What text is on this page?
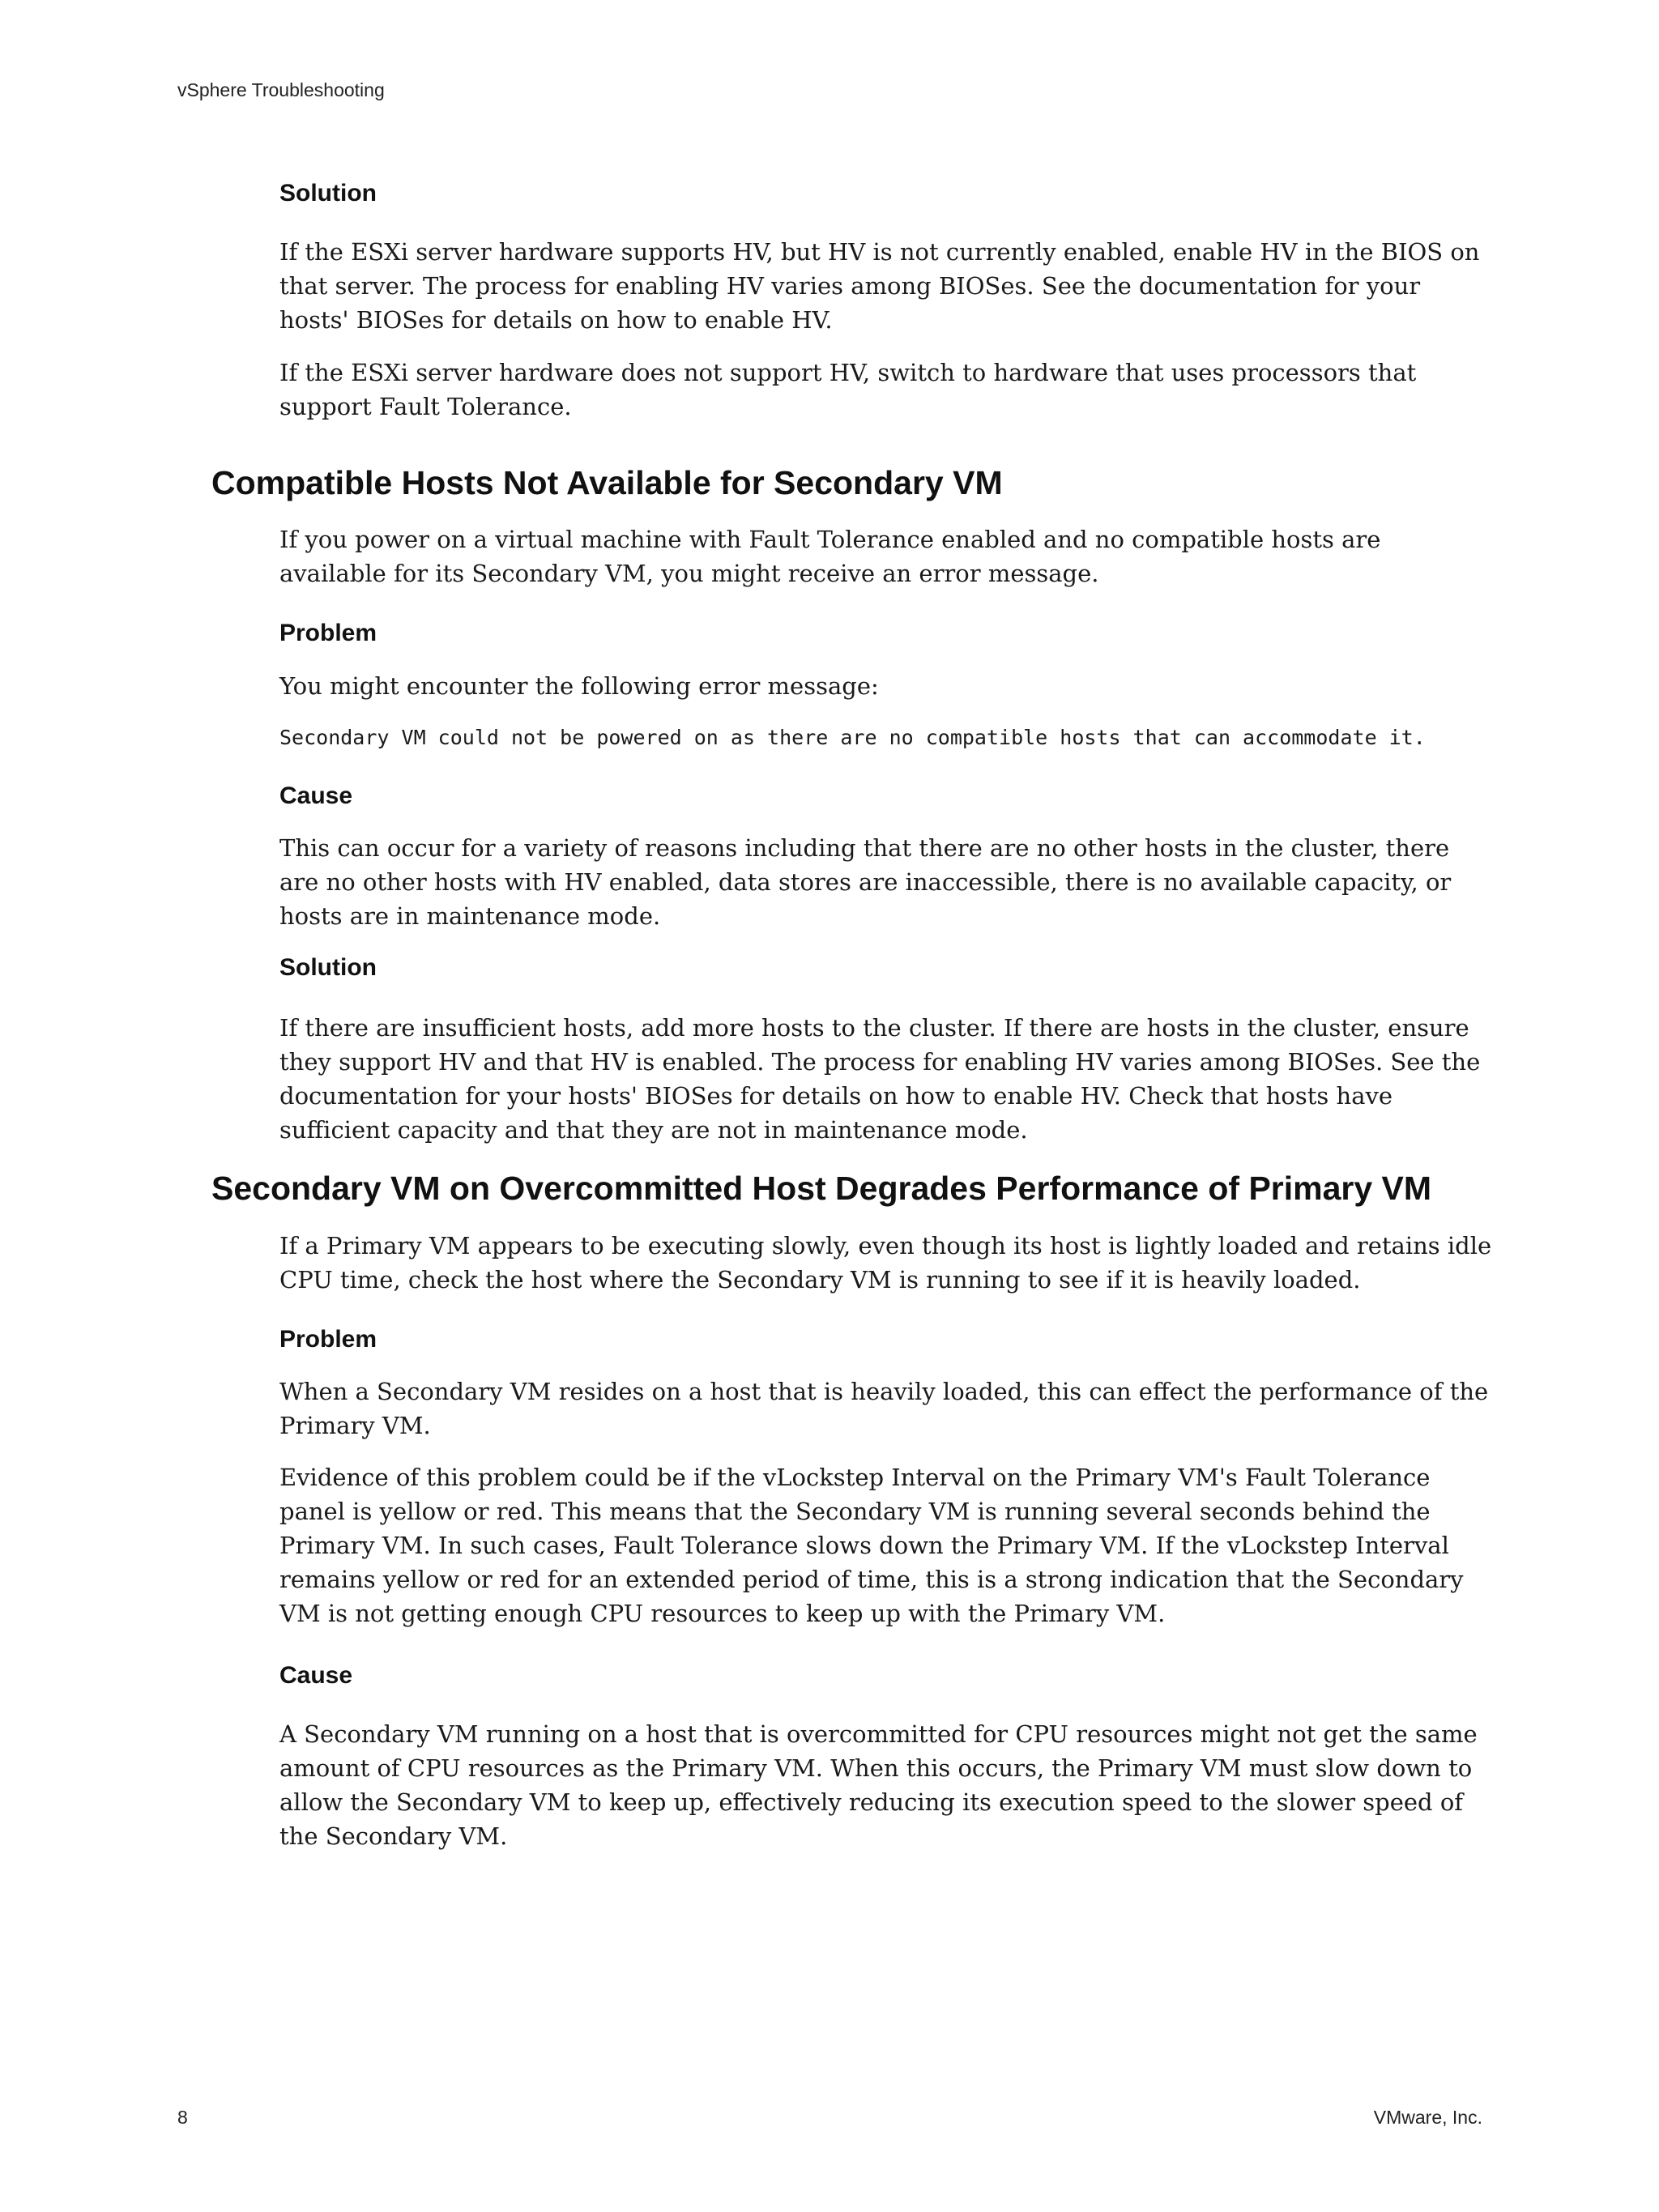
vSphere Troubleshooting
Solution

If the ESXi server hardware supports HV, but HV is not currently enabled, enable HV in the BIOS on that server. The process for enabling HV varies among BIOSes. See the documentation for your hosts' BIOSes for details on how to enable HV.

If the ESXi server hardware does not support HV, switch to hardware that uses processors that support Fault Tolerance.

Compatible Hosts Not Available for Secondary VM

If you power on a virtual machine with Fault Tolerance enabled and no compatible hosts are available for its Secondary VM, you might receive an error message.

Problem

You might encounter the following error message:

Secondary VM could not be powered on as there are no compatible hosts that can accommodate it.
Cause

This can occur for a variety of reasons including that there are no other hosts in the cluster, there are no other hosts with HV enabled, data stores are inaccessible, there is no available capacity, or hosts are in maintenance mode.

Solution

If there are insufficient hosts, add more hosts to the cluster. If there are hosts in the cluster, ensure they support HV and that HV is enabled. The process for enabling HV varies among BIOSes. See the documentation for your hosts' BIOSes for details on how to enable HV. Check that hosts have sufficient capacity and that they are not in maintenance mode.

Secondary VM on Overcommitted Host Degrades Performance of Primary VM

If a Primary VM appears to be executing slowly, even though its host is lightly loaded and retains idle CPU time, check the host where the Secondary VM is running to see if it is heavily loaded.

Problem

When a Secondary VM resides on a host that is heavily loaded, this can effect the performance of the Primary VM.

Evidence of this problem could be if the vLockstep Interval on the Primary VM's Fault Tolerance panel is yellow or red. This means that the Secondary VM is running several seconds behind the Primary VM. In such cases, Fault Tolerance slows down the Primary VM. If the vLockstep Interval remains yellow or red for an extended period of time, this is a strong indication that the Secondary VM is not getting enough CPU resources to keep up with the Primary VM.

Cause

A Secondary VM running on a host that is overcommitted for CPU resources might not get the same amount of CPU resources as the Primary VM. When this occurs, the Primary VM must slow down to allow the Secondary VM to keep up, effectively reducing its execution speed to the slower speed of the Secondary VM.

8	VMware, Inc.
